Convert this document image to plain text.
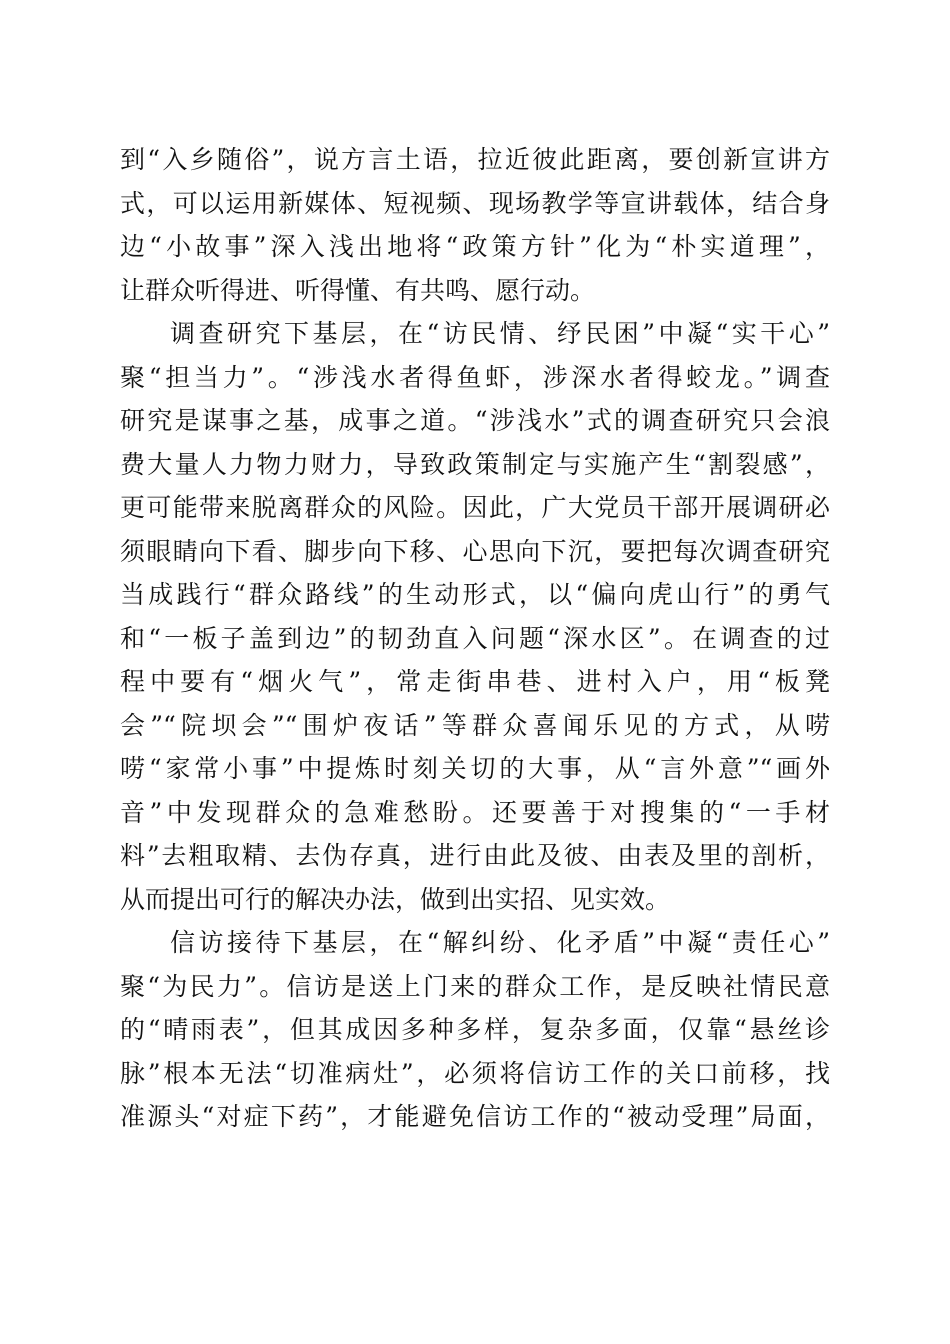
到“入乡随俗”，说方言土语，拉近彼此距离，要创新宣讲方
式，可以运用新媒体、短视频、现场教学等宣讲载体，结合身
边“小故事”深入浅出地将“政策方针”化为“朴实道理”，
让群众听得进、听得懂、有共鸣、愿行动。
调查研究下基层，在“访民情、纾民困”中凝“实干心”
聚“担当力”。“涉浅水者得鱼虾，涉深水者得蛟龙。”调查
研究是谋事之基，成事之道。“涉浅水”式的调查研究只会浪
费大量人力物力财力，导致政策制定与实施产生“割裂感”，
更可能带来脱离群众的风险。因此，广大党员干部开展调研必
须眼睛向下看、脚步向下移、心思向下沉，要把每次调查研究
当成践行“群众路线”的生动形式，以“偏向虎山行”的勇气
和“一板子盖到边”的韧劲直入问题“深水区”。在调查的过
程中要有“烟火气”，常走街串巷、进村入户，用“板凳
会”“院坝会”“围炉夜话”等群众喜闻乐见的方式，从唠
唠“家常小事”中提炼时刻关切的大事，从“言外意”“画外
音”中发现群众的急难愁盼。还要善于对搜集的“一手材
料”去粗取精、去伪存真，进行由此及彼、由表及里的剖析，
从而提出可行的解决办法，做到出实招、见实效。
信访接待下基层，在“解纠纷、化矛盾”中凝“责任心”
聚“为民力”。信访是送上门来的群众工作，是反映社情民意
的“晴雨表”，但其成因多种多样，复杂多面，仅靠“悬丝诊
脉”根本无法“切准病灶”，必须将信访工作的关口前移，找
准源头“对症下药”，才能避免信访工作的“被动受理”局面，
